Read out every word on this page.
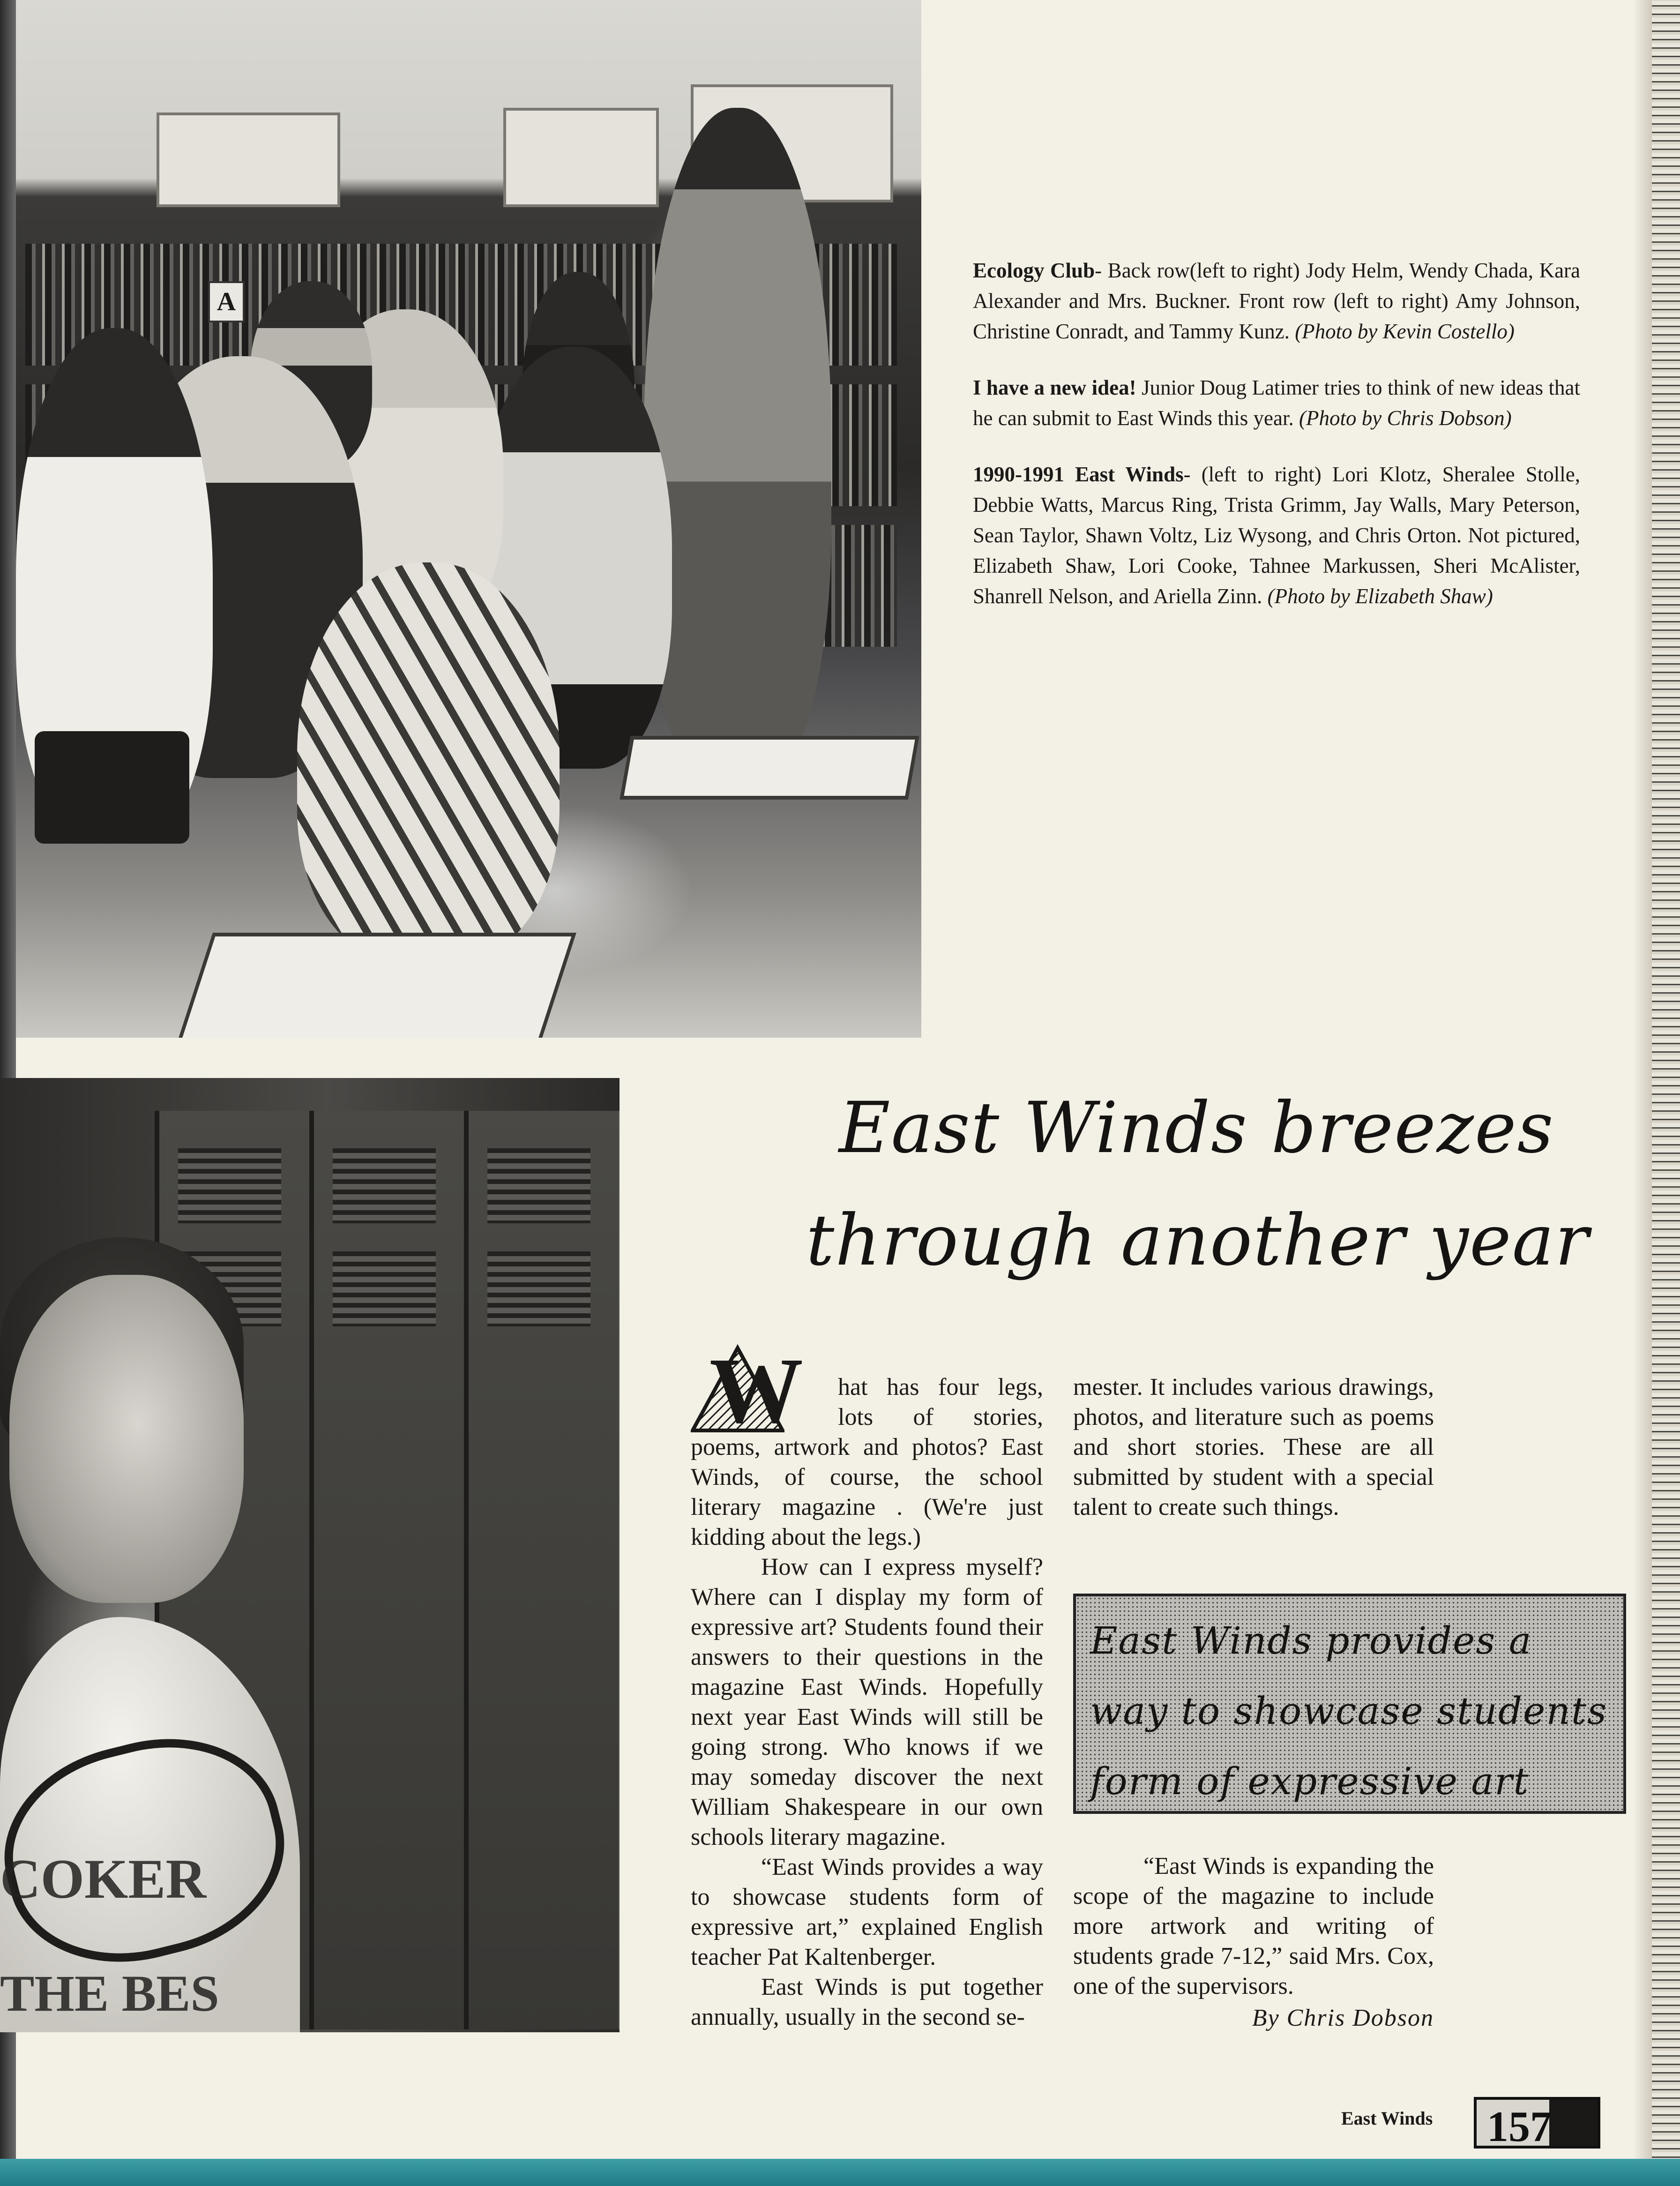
A

Ecology Club- Back row(left to right) Jody Helm, Wendy Chada, Kara Alexander and Mrs. Buckner. Front row (left to right) Amy Johnson, Christine Conradt, and Tammy Kunz. (Photo by Kevin Costello)

I have a new idea! Junior Doug Latimer tries to think of new ideas that he can submit to East Winds this year. (Photo by Chris Dobson)

1990-1991 East Winds- (left to right) Lori Klotz, Sheralee Stolle, Debbie Watts, Marcus Ring, Trista Grimm, Jay Walls, Mary Peterson, Sean Taylor, Shawn Voltz, Liz Wysong, and Chris Orton. Not pictured, Elizabeth Shaw, Lori Cooke, Tahnee Markussen, Sheri McAlister, Shanrell Nelson, and Ariella Zinn. (Photo by Elizabeth Shaw)

COKER
THE BES
East Winds breezes
through another year
W	hat has four legs, lots of stories, poems, artwork and photos? East Winds, of course, the school literary magazine . (We're just kidding about the legs.)

How can I express myself? Where can I display my form of expressive art? Students found their answers to their questions in the magazine East Winds. Hopefully next year East Winds will still be going strong. Who knows if we may someday discover the next William Shakespeare in our own schools literary magazine.

“East Winds provides a way to showcase students form of expressive art,” explained English teacher Pat Kaltenberger.

East Winds is put together annually, usually in the second se-

mester. It includes various drawings, photos, and literature such as poems and short stories. These are all submitted by student with a special talent to create such things.

East Winds provides a way to showcase students form of expressive art

“East Winds is expanding the scope of the magazine to include more artwork and writing of students grade 7-12,” said Mrs. Cox, one of the supervisors.

By Chris Dobson
East Winds 157
